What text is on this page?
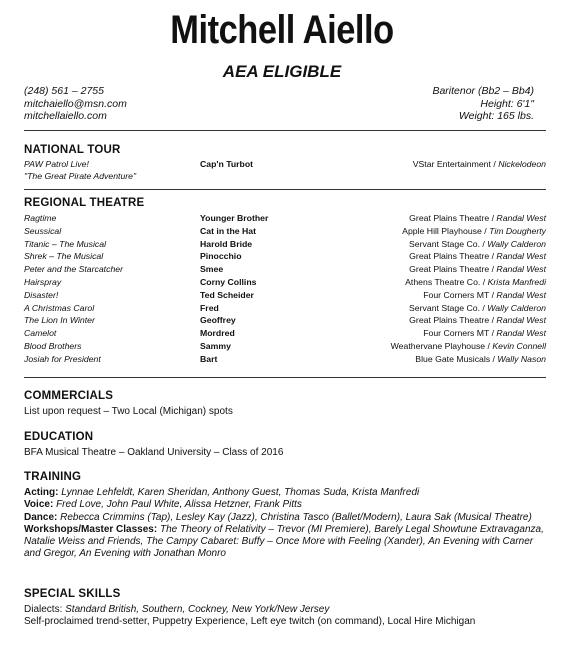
Mitchell Aiello
AEA ELIGIBLE
(248) 561 – 2755
mitchaiello@msn.com
mitchellaiello.com
Baritenor (Bb2 – Bb4)
Height: 6'1"
Weight: 165 lbs.
NATIONAL TOUR
PAW Patrol Live!	Cap'n Turbot	VStar Entertainment / Nickelodeon
"The Great Pirate Adventure"
REGIONAL THEATRE
Ragtime	Younger Brother	Great Plains Theatre / Randal West
Seussical	Cat in the Hat	Apple Hill Playhouse / Tim Dougherty
Titanic – The Musical	Harold Bride	Servant Stage Co. / Wally Calderon
Shrek – The Musical	Pinocchio	Great Plains Theatre / Randal West
Peter and the Starcatcher	Smee	Great Plains Theatre / Randal West
Hairspray	Corny Collins	Athens Theatre Co. / Krista Manfredi
Disaster!	Ted Scheider	Four Corners MT / Randal West
A Christmas Carol	Fred	Servant Stage Co. / Wally Calderon
The Lion In Winter	Geoffrey	Great Plains Theatre / Randal West
Camelot	Mordred	Four Corners MT / Randal West
Blood Brothers	Sammy	Weathervane Playhouse / Kevin Connell
Josiah for President	Bart	Blue Gate Musicals / Wally Nason
COMMERCIALS
List upon request – Two Local (Michigan) spots
EDUCATION
BFA Musical Theatre – Oakland University – Class of 2016
TRAINING
Acting: Lynnae Lehfeldt, Karen Sheridan, Anthony Guest, Thomas Suda, Krista Manfredi
Voice: Fred Love, John Paul White, Alissa Hetzner, Frank Pitts
Dance: Rebecca Crimmins (Tap), Lesley Kay (Jazz), Christina Tasco (Ballet/Modern), Laura Sak (Musical Theatre)
Workshops/Master Classes: The Theory of Relativity – Trevor (MI Premiere), Barely Legal Showtune Extravaganza, Natalie Weiss and Friends, The Campy Cabaret: Buffy – Once More with Feeling (Xander), An Evening with Carner and Gregor, An Evening with Jonathan Monro
SPECIAL SKILLS
Dialects: Standard British, Southern, Cockney, New York/New Jersey
Self-proclaimed trend-setter, Puppetry Experience, Left eye twitch (on command), Local Hire Michigan
